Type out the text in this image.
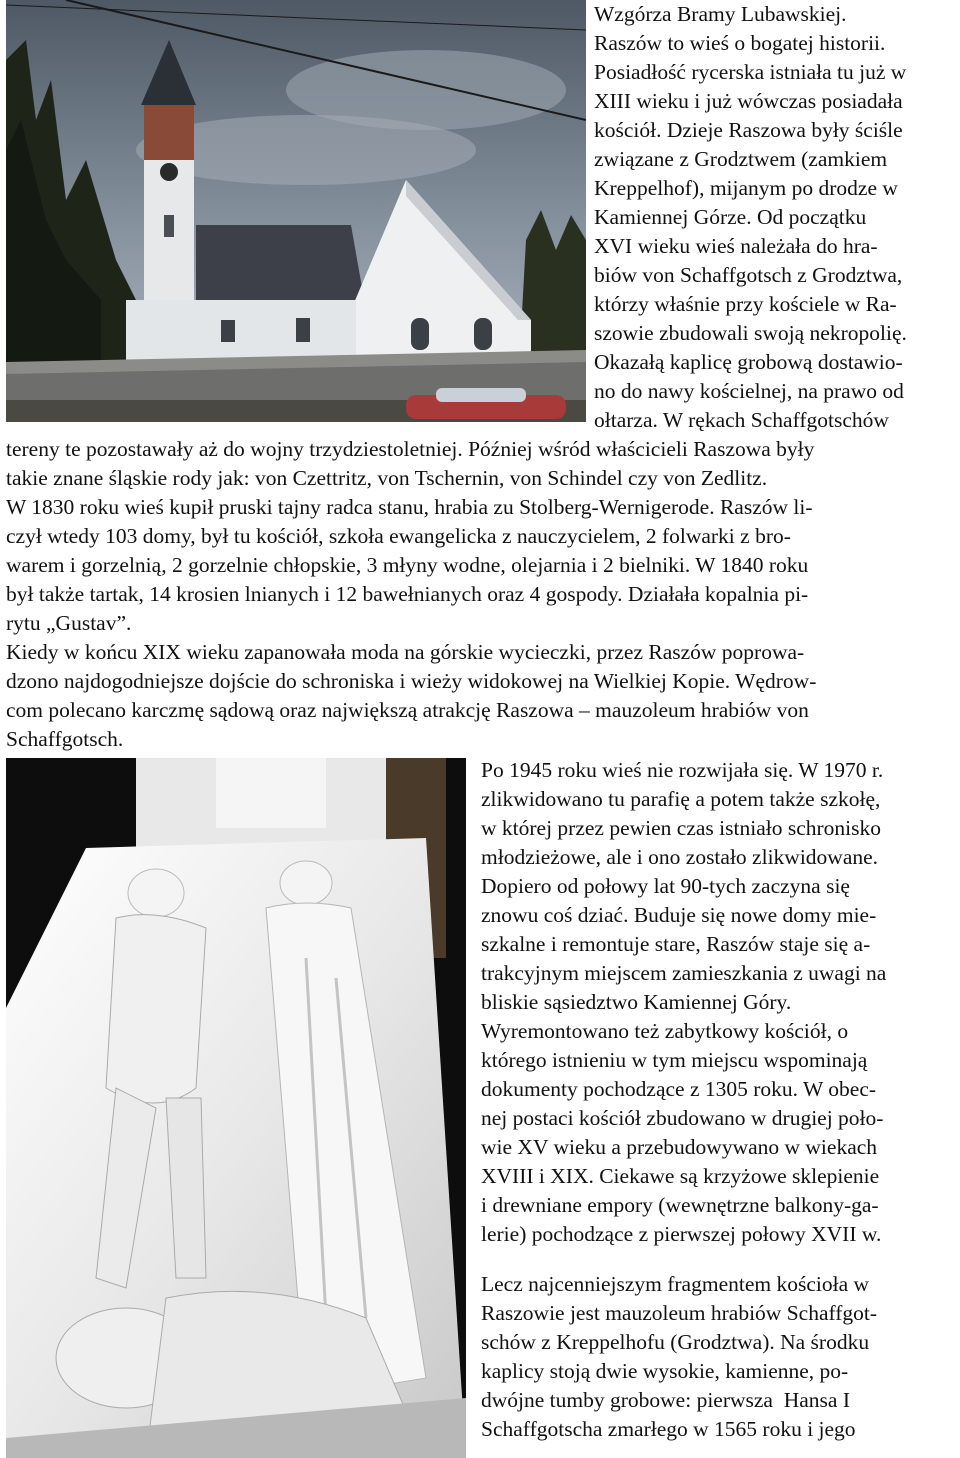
Wzgórza Bramy Lubawskiej.

Raszów to wieś o bogatej historii.

Posiadłość rycerska istniała tu już w

XIII wieku i już wówczas posiadała

kościół. Dzieje Raszowa były ściśle

związane z Grodztwem (zamkiem

Kreppelhof), mijanym po drodze w

Kamiennej Górze. Od początku

XVI wieku wieś należała do hra-

biów von Schaffgotsch z Grodztwa,

którzy właśnie przy kościele w Ra-

szowie zbudowali swoją nekropolię.

Okazałą kaplicę grobową dostawio-

no do nawy kościelnej, na prawo od

ołtarza. W rękach Schaffgotschów

tereny te pozostawały aż do wojny trzydziestoletniej. Później wśród właścicieli Raszowa były

takie znane śląskie rody jak: von Czettritz, von Tschernin, von Schindel czy von Zedlitz.

W 1830 roku wieś kupił pruski tajny radca stanu, hrabia zu Stolberg-Wernigerode. Raszów li-

czył wtedy 103 domy, był tu kościół, szkoła ewangelicka z nauczycielem, 2 folwarki z bro-

warem i gorzelnią, 2 gorzelnie chłopskie, 3 młyny wodne, olejarnia i 2 bielniki. W 1840 roku

był także tartak, 14 krosien lnianych i 12 bawełnianych oraz 4 gospody. Działała kopalnia pi-

rytu „Gustav”.

Kiedy w końcu XIX wieku zapanowała moda na górskie wycieczki, przez Raszów poprowa-

dzono najdogodniejsze dojście do schroniska i wieży widokowej na Wielkiej Kopie. Wędrow-

com polecano karczmę sądową oraz największą atrakcję Raszowa – mauzoleum hrabiów von

Schaffgotsch.

Po 1945 roku wieś nie rozwijała się. W 1970 r.

zlikwidowano tu parafię a potem także szkołę,

w której przez pewien czas istniało schronisko

młodzieżowe, ale i ono zostało zlikwidowane.

Dopiero od połowy lat 90-tych zaczyna się

znowu coś dziać. Buduje się nowe domy mie-

szkalne i remontuje stare, Raszów staje się a-

trakcyjnym miejscem zamieszkania z uwagi na

bliskie sąsiedztwo Kamiennej Góry.

Wyremontowano też zabytkowy kościół, o

którego istnieniu w tym miejscu wspominają

dokumenty pochodzące z 1305 roku. W obec-

nej postaci kościół zbudowano w drugiej poło-

wie XV wieku a przebudowywano w wiekach

XVIII i XIX. Ciekawe są krzyżowe sklepienie

i drewniane empory (wewnętrzne balkony-ga-

lerie) pochodzące z pierwszej połowy XVII w.

Lecz najcenniejszym fragmentem kościoła w

Raszowie jest mauzoleum hrabiów Schaffgot-

schów z Kreppelhofu (Grodztwa). Na środku

kaplicy stoją dwie wysokie, kamienne, po-

dwójne tumby grobowe: pierwsza  Hansa I

Schaffgotscha zmarłego w 1565 roku i jego
